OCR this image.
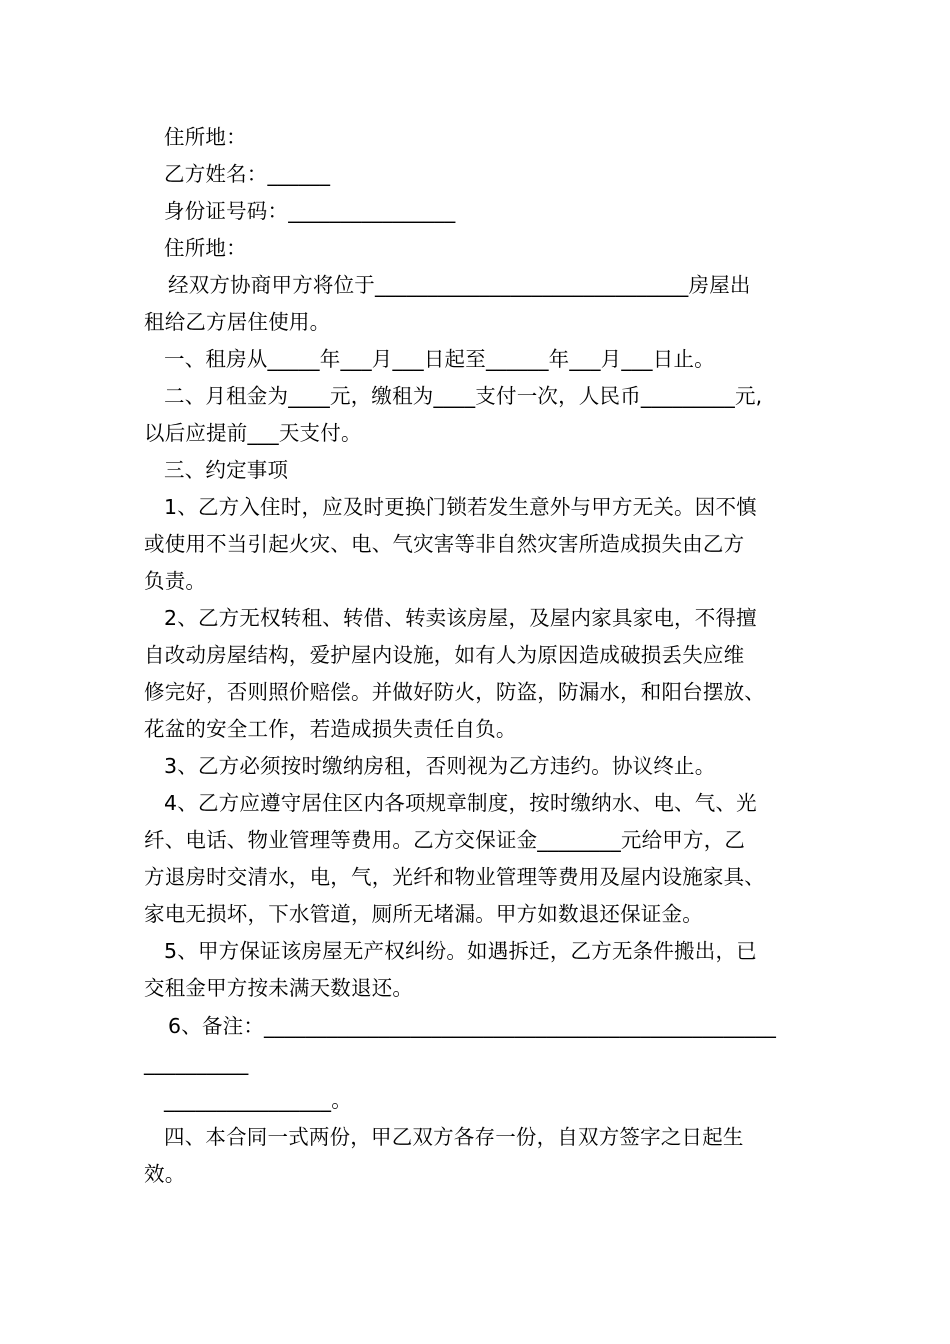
住所地：
乙方姓名：______
身份证号码：________________
住所地：
经双方协商甲方将位于______________________________房屋出
租给乙方居住使用。
一、租房从_____年___月___日起至______年___月___日止。
二、月租金为____元，缴租为____支付一次，人民币_________元,
以后应提前___天支付。
三、约定事项
1、乙方入住时，应及时更换门锁若发生意外与甲方无关。因不慎
或使用不当引起火灾、电、气灾害等非自然灾害所造成损失由乙方
负责。
2、乙方无权转租、转借、转卖该房屋，及屋内家具家电，不得擅
自改动房屋结构，爱护屋内设施，如有人为原因造成破损丢失应维
修完好，否则照价赔偿。并做好防火，防盗，防漏水，和阳台摆放、
花盆的安全工作，若造成损失责任自负。
3、乙方必须按时缴纳房租，否则视为乙方违约。协议终止。
4、乙方应遵守居住区内各项规章制度，按时缴纳水、电、气、光
纤、电话、物业管理等费用。乙方交保证金________元给甲方，乙
方退房时交清水，电，气，光纤和物业管理等费用及屋内设施家具、
家电无损坏，下水管道，厕所无堵漏。甲方如数退还保证金。
5、甲方保证该房屋无产权纠纷。如遇拆迁，乙方无条件搬出，已
交租金甲方按未满天数退还。
6、备注：_________________________________________________
__________
________________。
四、本合同一式两份，甲乙双方各存一份，自双方签字之日起生
效。
